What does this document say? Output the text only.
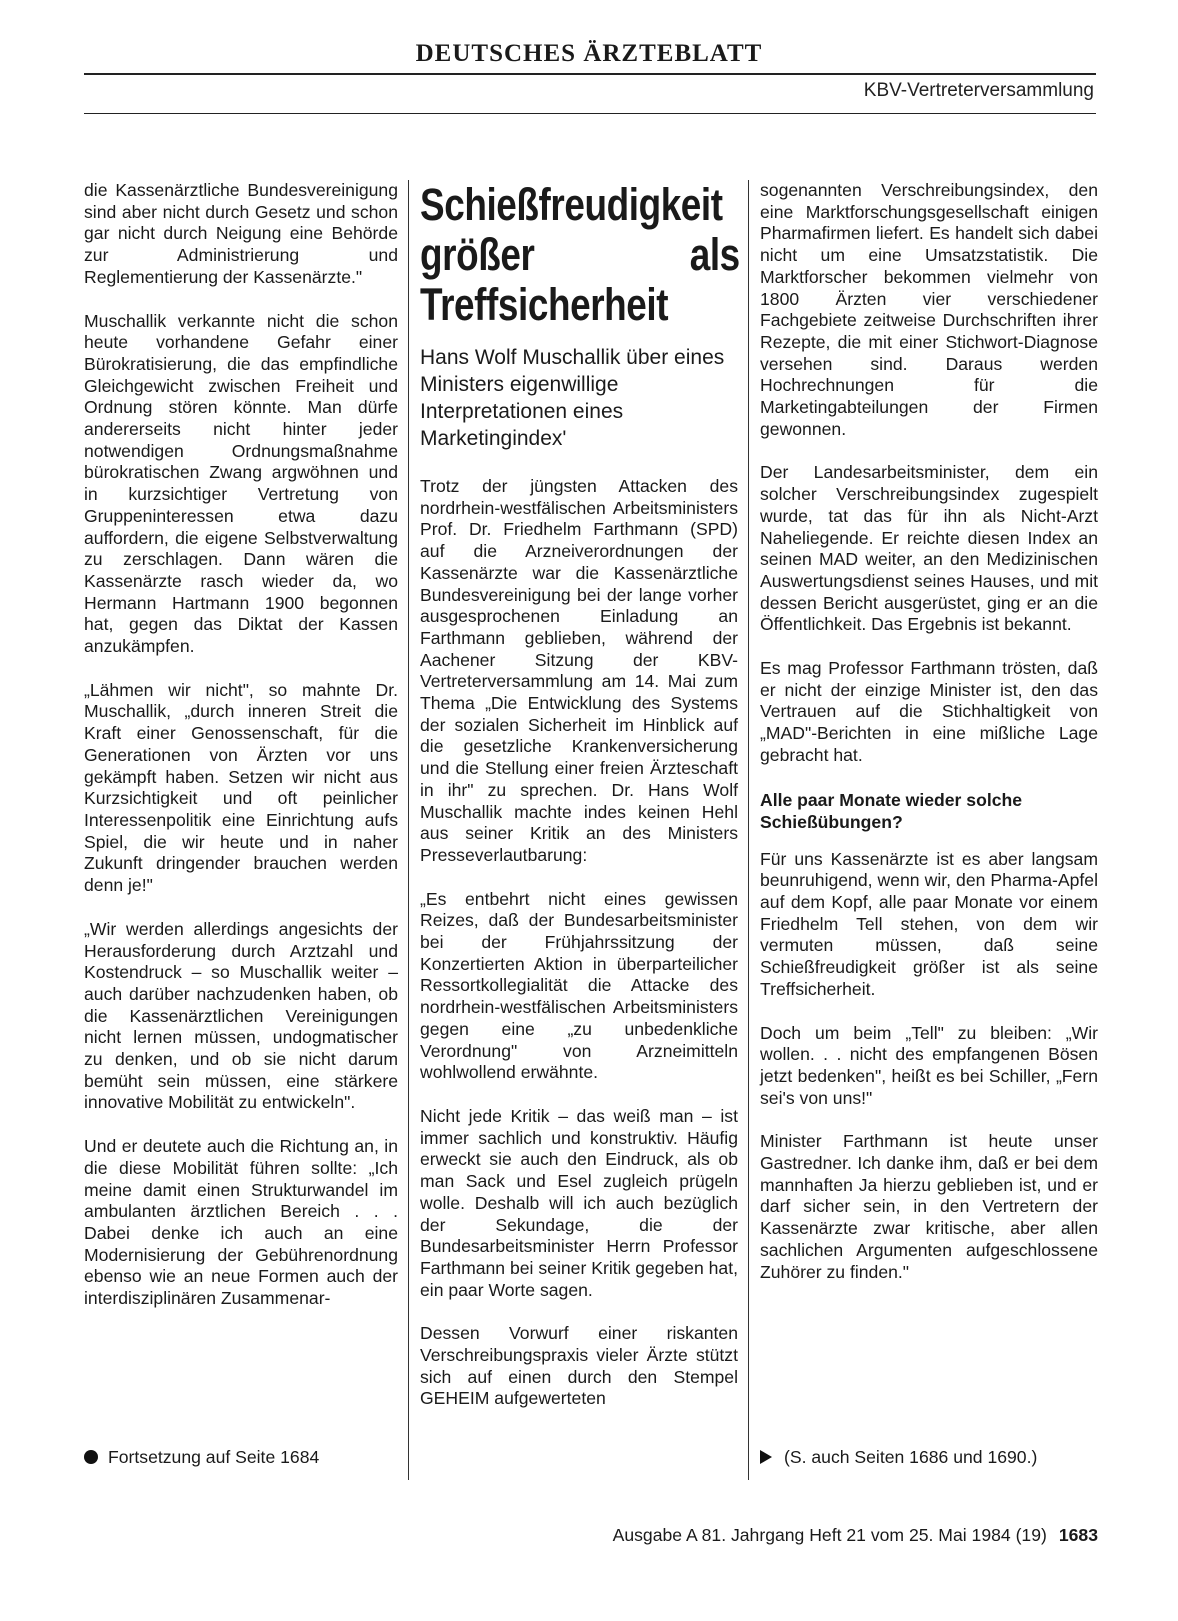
DEUTSCHES ÄRZTEBLATT
KBV-Vertreterversammlung

die Kassenärztliche Bundesvereinigung sind aber nicht durch Gesetz und schon gar nicht durch Neigung eine Behörde zur Administrierung und Reglementierung der Kassenärzte."

Muschallik verkannte nicht die schon heute vorhandene Gefahr einer Bürokratisierung, die das empfindliche Gleichgewicht zwischen Freiheit und Ordnung stören könnte. Man dürfe andererseits nicht hinter jeder notwendigen Ordnungsmaßnahme bürokratischen Zwang argwöhnen und in kurzsichtiger Vertretung von Gruppeninteressen etwa dazu auffordern, die eigene Selbstverwaltung zu zerschlagen. Dann wären die Kassenärzte rasch wieder da, wo Hermann Hartmann 1900 begonnen hat, gegen das Diktat der Kassen anzukämpfen.

„Lähmen wir nicht", so mahnte Dr. Muschallik, „durch inneren Streit die Kraft einer Genossenschaft, für die Generationen von Ärzten vor uns gekämpft haben. Setzen wir nicht aus Kurzsichtigkeit und oft peinlicher Interessenpolitik eine Einrichtung aufs Spiel, die wir heute und in naher Zukunft dringender brauchen werden denn je!"

„Wir werden allerdings angesichts der Herausforderung durch Arztzahl und Kostendruck – so Muschallik weiter – auch darüber nachzudenken haben, ob die Kassenärztlichen Vereinigungen nicht lernen müssen, undogmatischer zu denken, und ob sie nicht darum bemüht sein müssen, eine stärkere innovative Mobilität zu entwickeln".

Und er deutete auch die Richtung an, in die diese Mobilität führen sollte: „Ich meine damit einen Strukturwandel im ambulanten ärztlichen Bereich . . . Dabei denke ich auch an eine Modernisierung der Gebührenordnung ebenso wie an neue Formen auch der interdisziplinären Zusammenar-

Schießfreudigkeit größer als Treffsicherheit
Hans Wolf Muschallik über eines Ministers eigenwillige Interpretationen eines Marketingindex'

Trotz der jüngsten Attacken des nordrhein-westfälischen Arbeitsministers Prof. Dr. Friedhelm Farthmann (SPD) auf die Arzneiverordnungen der Kassenärzte war die Kassenärztliche Bundesvereinigung bei der lange vorher ausgesprochenen Einladung an Farthmann geblieben, während der Aachener Sitzung der KBV-Vertreterversammlung am 14. Mai zum Thema „Die Entwicklung des Systems der sozialen Sicherheit im Hinblick auf die gesetzliche Krankenversicherung und die Stellung einer freien Ärzteschaft in ihr" zu sprechen. Dr. Hans Wolf Muschallik machte indes keinen Hehl aus seiner Kritik an des Ministers Presseverlautbarung:

„Es entbehrt nicht eines gewissen Reizes, daß der Bundesarbeitsminister bei der Frühjahrssitzung der Konzertierten Aktion in überparteilicher Ressortkollegialität die Attacke des nordrhein-westfälischen Arbeitsministers gegen eine „zu unbedenkliche Verordnung" von Arzneimitteln wohlwollend erwähnte.

Nicht jede Kritik – das weiß man – ist immer sachlich und konstruktiv. Häufig erweckt sie auch den Eindruck, als ob man Sack und Esel zugleich prügeln wolle. Deshalb will ich auch bezüglich der Sekundage, die der Bundesarbeitsminister Herrn Professor Farthmann bei seiner Kritik gegeben hat, ein paar Worte sagen.

Dessen Vorwurf einer riskanten Verschreibungspraxis vieler Ärzte stützt sich auf einen durch den Stempel GEHEIM aufgewerteten

sogenannten Verschreibungsindex, den eine Marktforschungsgesellschaft einigen Pharmafirmen liefert. Es handelt sich dabei nicht um eine Umsatzstatistik. Die Marktforscher bekommen vielmehr von 1800 Ärzten vier verschiedener Fachgebiete zeitweise Durchschriften ihrer Rezepte, die mit einer Stichwort-Diagnose versehen sind. Daraus werden Hochrechnungen für die Marketingabteilungen der Firmen gewonnen.

Der Landesarbeitsminister, dem ein solcher Verschreibungsindex zugespielt wurde, tat das für ihn als Nicht-Arzt Naheliegende. Er reichte diesen Index an seinen MAD weiter, an den Medizinischen Auswertungsdienst seines Hauses, und mit dessen Bericht ausgerüstet, ging er an die Öffentlichkeit. Das Ergebnis ist bekannt.

Es mag Professor Farthmann trösten, daß er nicht der einzige Minister ist, den das Vertrauen auf die Stichhaltigkeit von „MAD"-Berichten in eine mißliche Lage gebracht hat.

Alle paar Monate wieder solche Schießübungen?

Für uns Kassenärzte ist es aber langsam beunruhigend, wenn wir, den Pharma-Apfel auf dem Kopf, alle paar Monate vor einem Friedhelm Tell stehen, von dem wir vermuten müssen, daß seine Schießfreudigkeit größer ist als seine Treffsicherheit.

Doch um beim „Tell" zu bleiben: „Wir wollen. . . nicht des empfangenen Bösen jetzt bedenken", heißt es bei Schiller, „Fern sei's von uns!"

Minister Farthmann ist heute unser Gastredner. Ich danke ihm, daß er bei dem mannhaften Ja hierzu geblieben ist, und er darf sicher sein, in den Vertretern der Kassenärzte zwar kritische, aber allen sachlichen Argumenten aufgeschlossene Zuhörer zu finden."

Fortsetzung auf Seite 1684	(S. auch Seiten 1686 und 1690.)
Ausgabe A 81. Jahrgang Heft 21 vom 25. Mai 1984 (19) 1683
